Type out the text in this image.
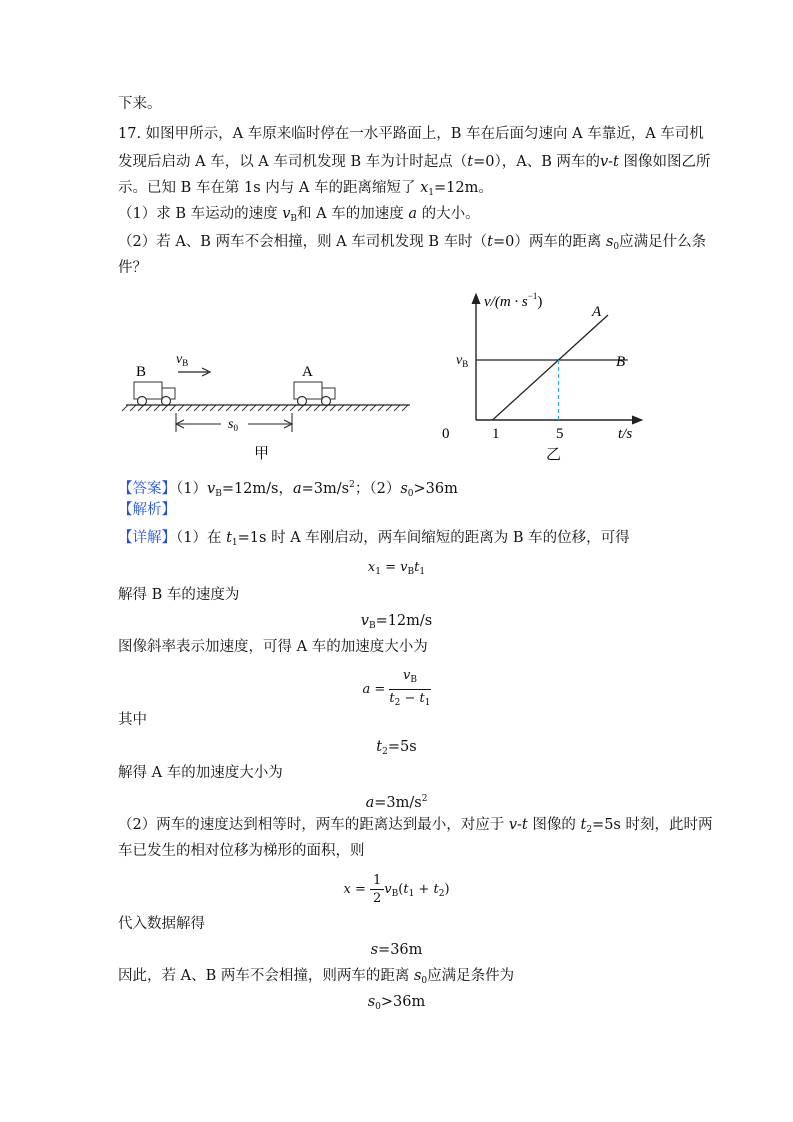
下来。
17. 如图甲所示，A 车原来临时停在一水平路面上，B 车在后面匀速向 A 车靠近，A 车司机
发现后启动 A 车，以 A 车司机发现 B 车为计时起点（t=0），A、B 两车的v-t 图像如图乙所
示。已知 B 车在第 1s 内与 A 车的距离缩短了 $x_1=12m$。
（1）求 B 车运动的速度 $v_B$和 A 车的加速度 a 的大小。
（2）若 A、B 两车不会相撞，则 A 车司机发现 B 车时（t=0）两车的距离 $s_0$应满足什么条
件？
B	A
$v_B$
$s_0$
甲
$v/(m \cdot s^{-1})$
t/s
0	1	5
$v_B$
A
B
乙
【答案】$(1)v_B=12m/s$，$a=3m/s^2$；$(2)s_0>36m$
【解析】
【详解】（1）在 $t_1=1s$ 时 A 车刚启动，两车间缩短的距离为 B 车的位移，可得
$x_1 = v_Bt_1$
解得 B 车的速度为
$v_B=12m/s$
图像斜率表示加速度，可得 A 车的加速度大小为
$a = \frac{v_B}{t_2 - t_1}$
其中
$t_2=5s$
解得 A 车的加速度大小为
$a=3m/s^2$
（2）两车的速度达到相等时，两车的距离达到最小，对应于 v-t 图像的 $t_2=5s$ 时刻，此时两
车已发生的相对位移为梯形的面积，则
$x = \frac{1}{2} v_B(t_1 + t_2)$
代入数据解得
s=36m
因此，若 A、B 两车不会相撞，则两车的距离 $s_0$应满足条件为
$s_0>36m$
